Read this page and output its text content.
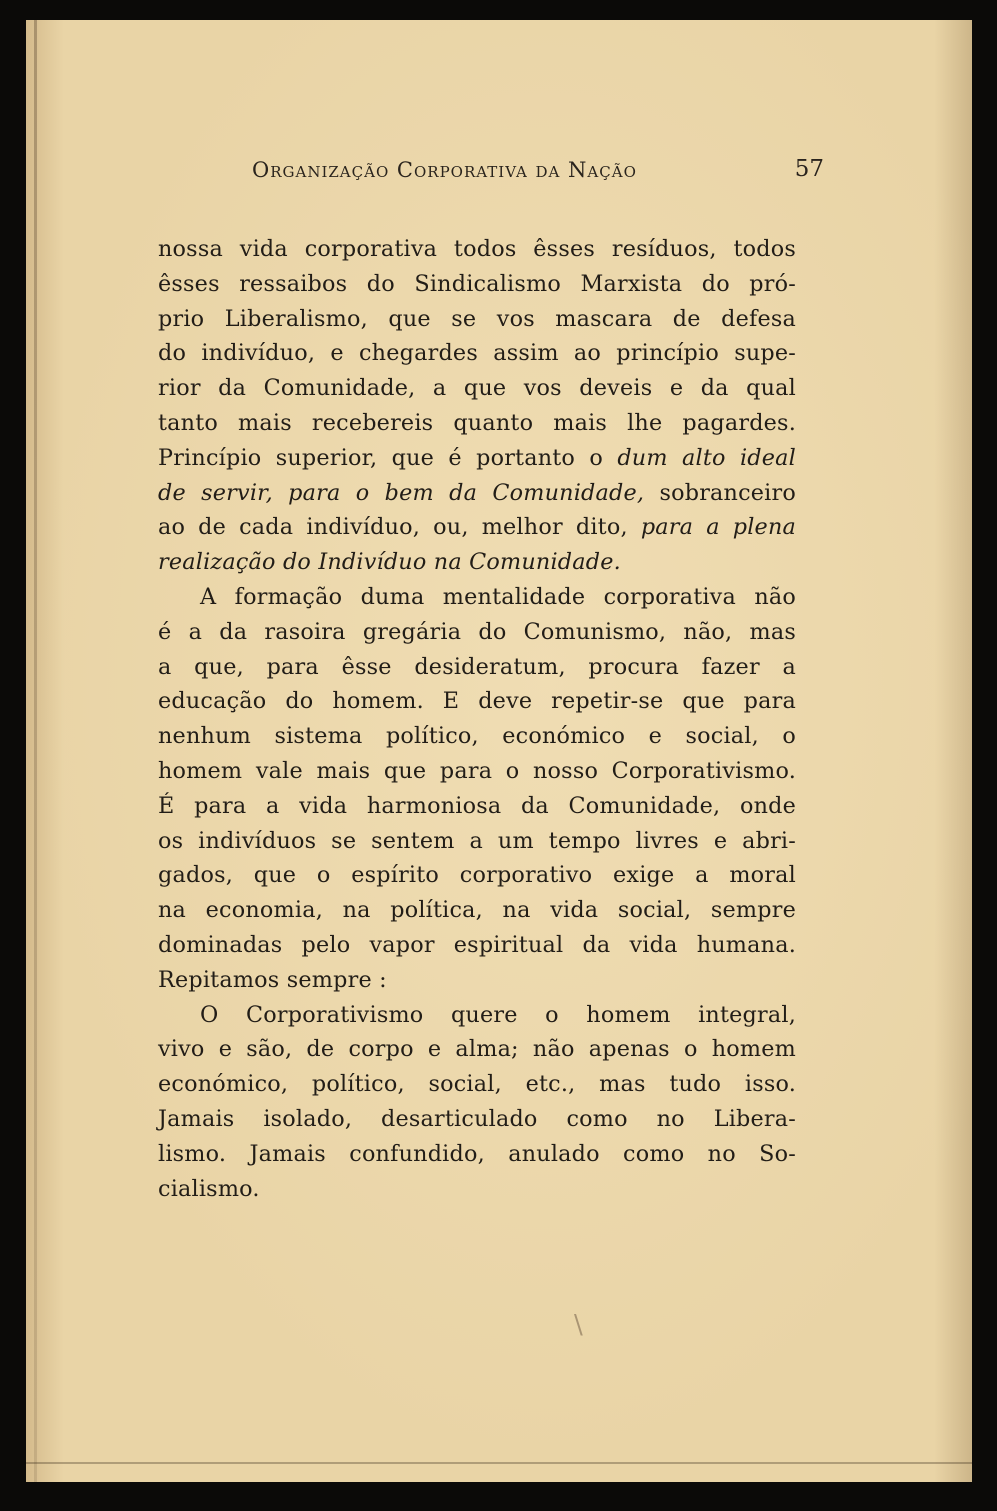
Organização Corporativa da Nação	57
nossa vida corporativa todos êsses resíduos, todos
êsses ressaibos do Sindicalismo Marxista do pró-
prio Liberalismo, que se vos mascara de defesa
do indivíduo, e chegardes assim ao princípio supe-
rior da Comunidade, a que vos deveis e da qual
tanto mais recebereis quanto mais lhe pagardes.
Princípio superior, que é portanto o dum alto ideal
de servir, para o bem da Comunidade, sobranceiro
ao de cada indivíduo, ou, melhor dito, para a plena
realização do Indivíduo na Comunidade.
A formação duma mentalidade corporativa não
é a da rasoira gregária do Comunismo, não, mas
a que, para êsse desideratum, procura fazer a
educação do homem. E deve repetir-se que para
nenhum sistema político, económico e social, o
homem vale mais que para o nosso Corporativismo.
É para a vida harmoniosa da Comunidade, onde
os indivíduos se sentem a um tempo livres e abri-
gados, que o espírito corporativo exige a moral
na economia, na política, na vida social, sempre
dominadas pelo vapor espiritual da vida humana.
Repitamos sempre :
O Corporativismo quere o homem integral,
vivo e são, de corpo e alma; não apenas o homem
económico, político, social, etc., mas tudo isso.
Jamais isolado, desarticulado como no Libera-
lismo. Jamais confundido, anulado como no So-
cialismo.
\
